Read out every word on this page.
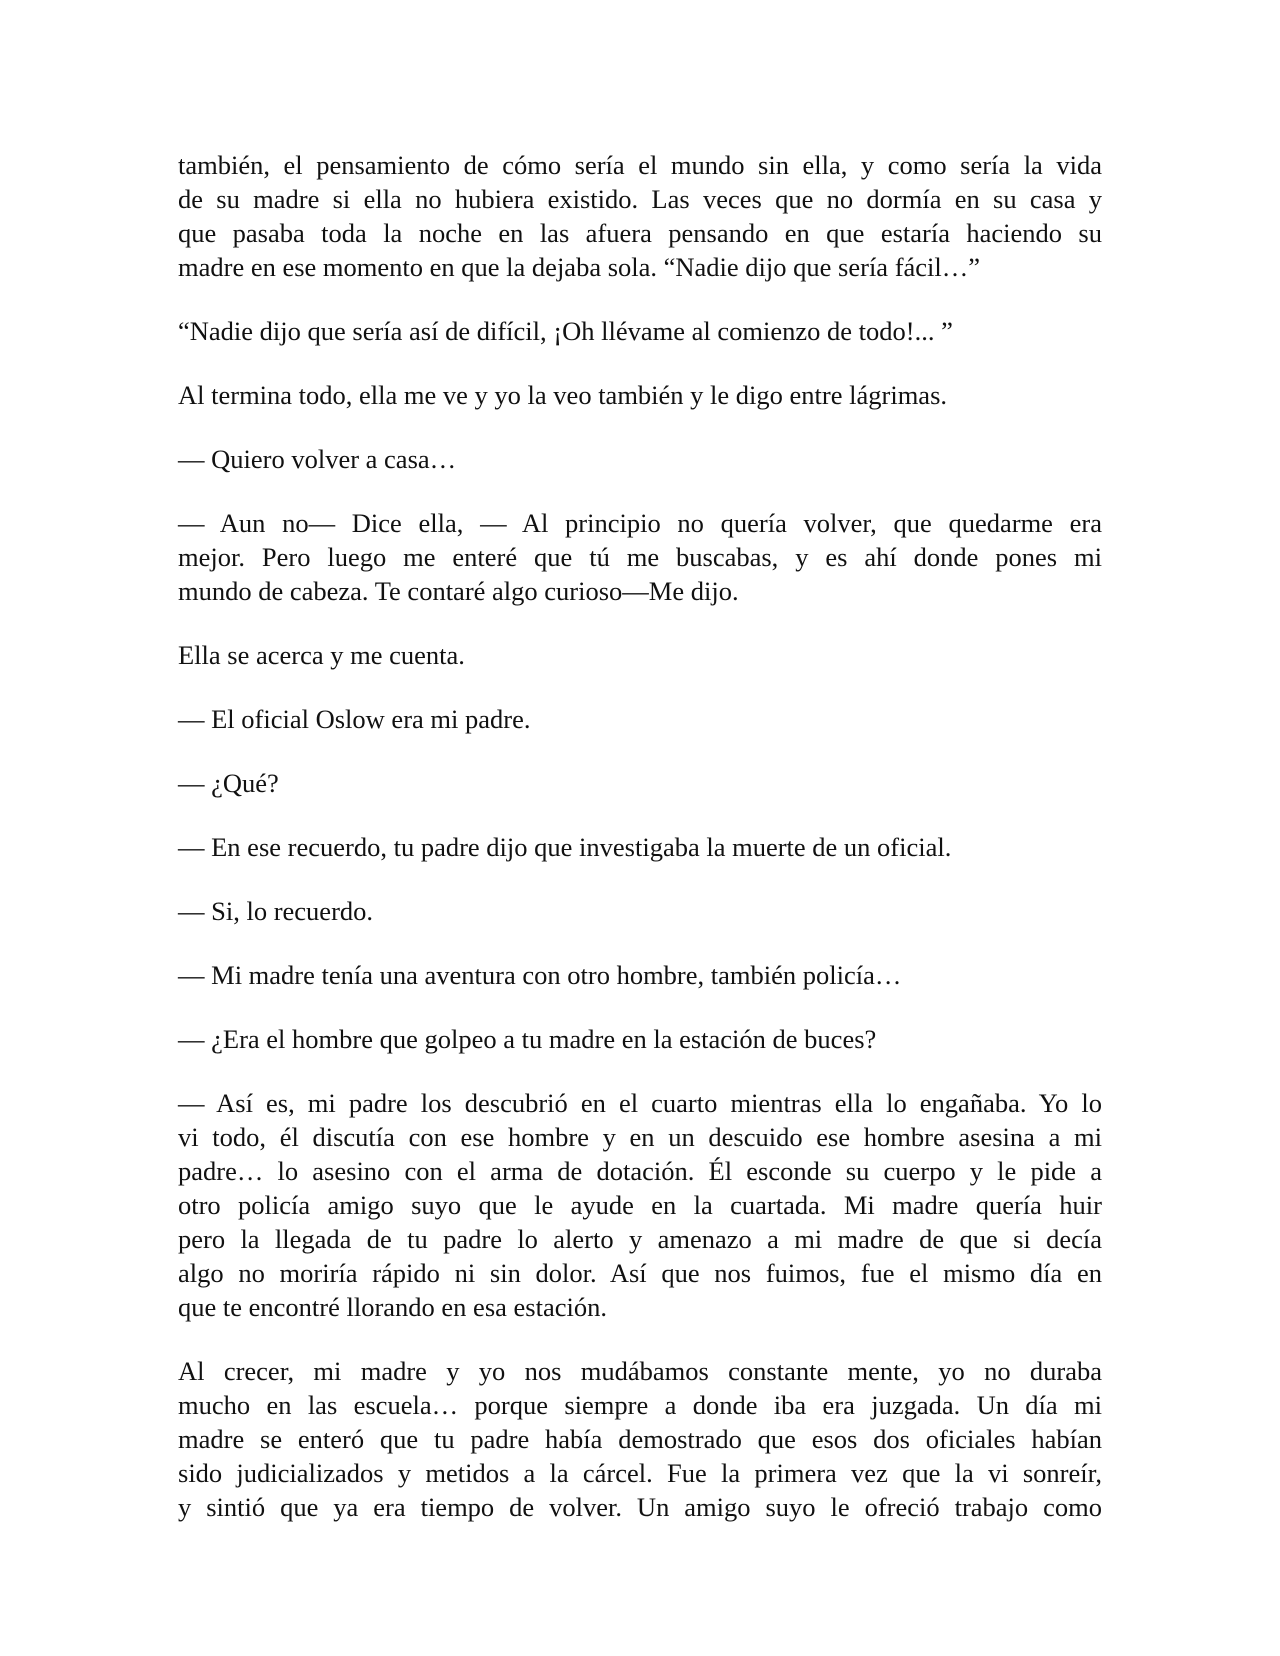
también, el pensamiento de cómo sería el mundo sin ella, y como sería la vida
de su madre si ella no hubiera existido. Las veces que no dormía en su casa y
que pasaba toda la noche en las afuera pensando en que estaría haciendo su
madre en ese momento en que la dejaba sola. “Nadie dijo que sería fácil…”
“Nadie dijo que sería así de difícil, ¡Oh llévame al comienzo de todo!... ”
Al termina todo, ella me ve y yo la veo también y le digo entre lágrimas.
— Quiero volver a casa…
— Aun no— Dice ella, — Al principio no quería volver, que quedarme era
mejor. Pero luego me enteré que tú me buscabas, y es ahí donde pones mi
mundo de cabeza. Te contaré algo curioso—Me dijo.
Ella se acerca y me cuenta.
— El oficial Oslow era mi padre.
— ¿Qué?
— En ese recuerdo, tu padre dijo que investigaba la muerte de un oficial.
— Si, lo recuerdo.
— Mi madre tenía una aventura con otro hombre, también policía…
— ¿Era el hombre que golpeo a tu madre en la estación de buces?
— Así es, mi padre los descubrió en el cuarto mientras ella lo engañaba. Yo lo
vi todo, él discutía con ese hombre y en un descuido ese hombre asesina a mi
padre… lo asesino con el arma de dotación. Él esconde su cuerpo y le pide a
otro policía amigo suyo que le ayude en la cuartada. Mi madre quería huir
pero la llegada de tu padre lo alerto y amenazo a mi madre de que si decía
algo no moriría rápido ni sin dolor. Así que nos fuimos, fue el mismo día en
que te encontré llorando en esa estación.
Al crecer, mi madre y yo nos mudábamos constante mente, yo no duraba
mucho en las escuela… porque siempre a donde iba era juzgada. Un día mi
madre se enteró que tu padre había demostrado que esos dos oficiales habían
sido judicializados y metidos a la cárcel. Fue la primera vez que la vi sonreír,
y sintió que ya era tiempo de volver. Un amigo suyo le ofreció trabajo como
